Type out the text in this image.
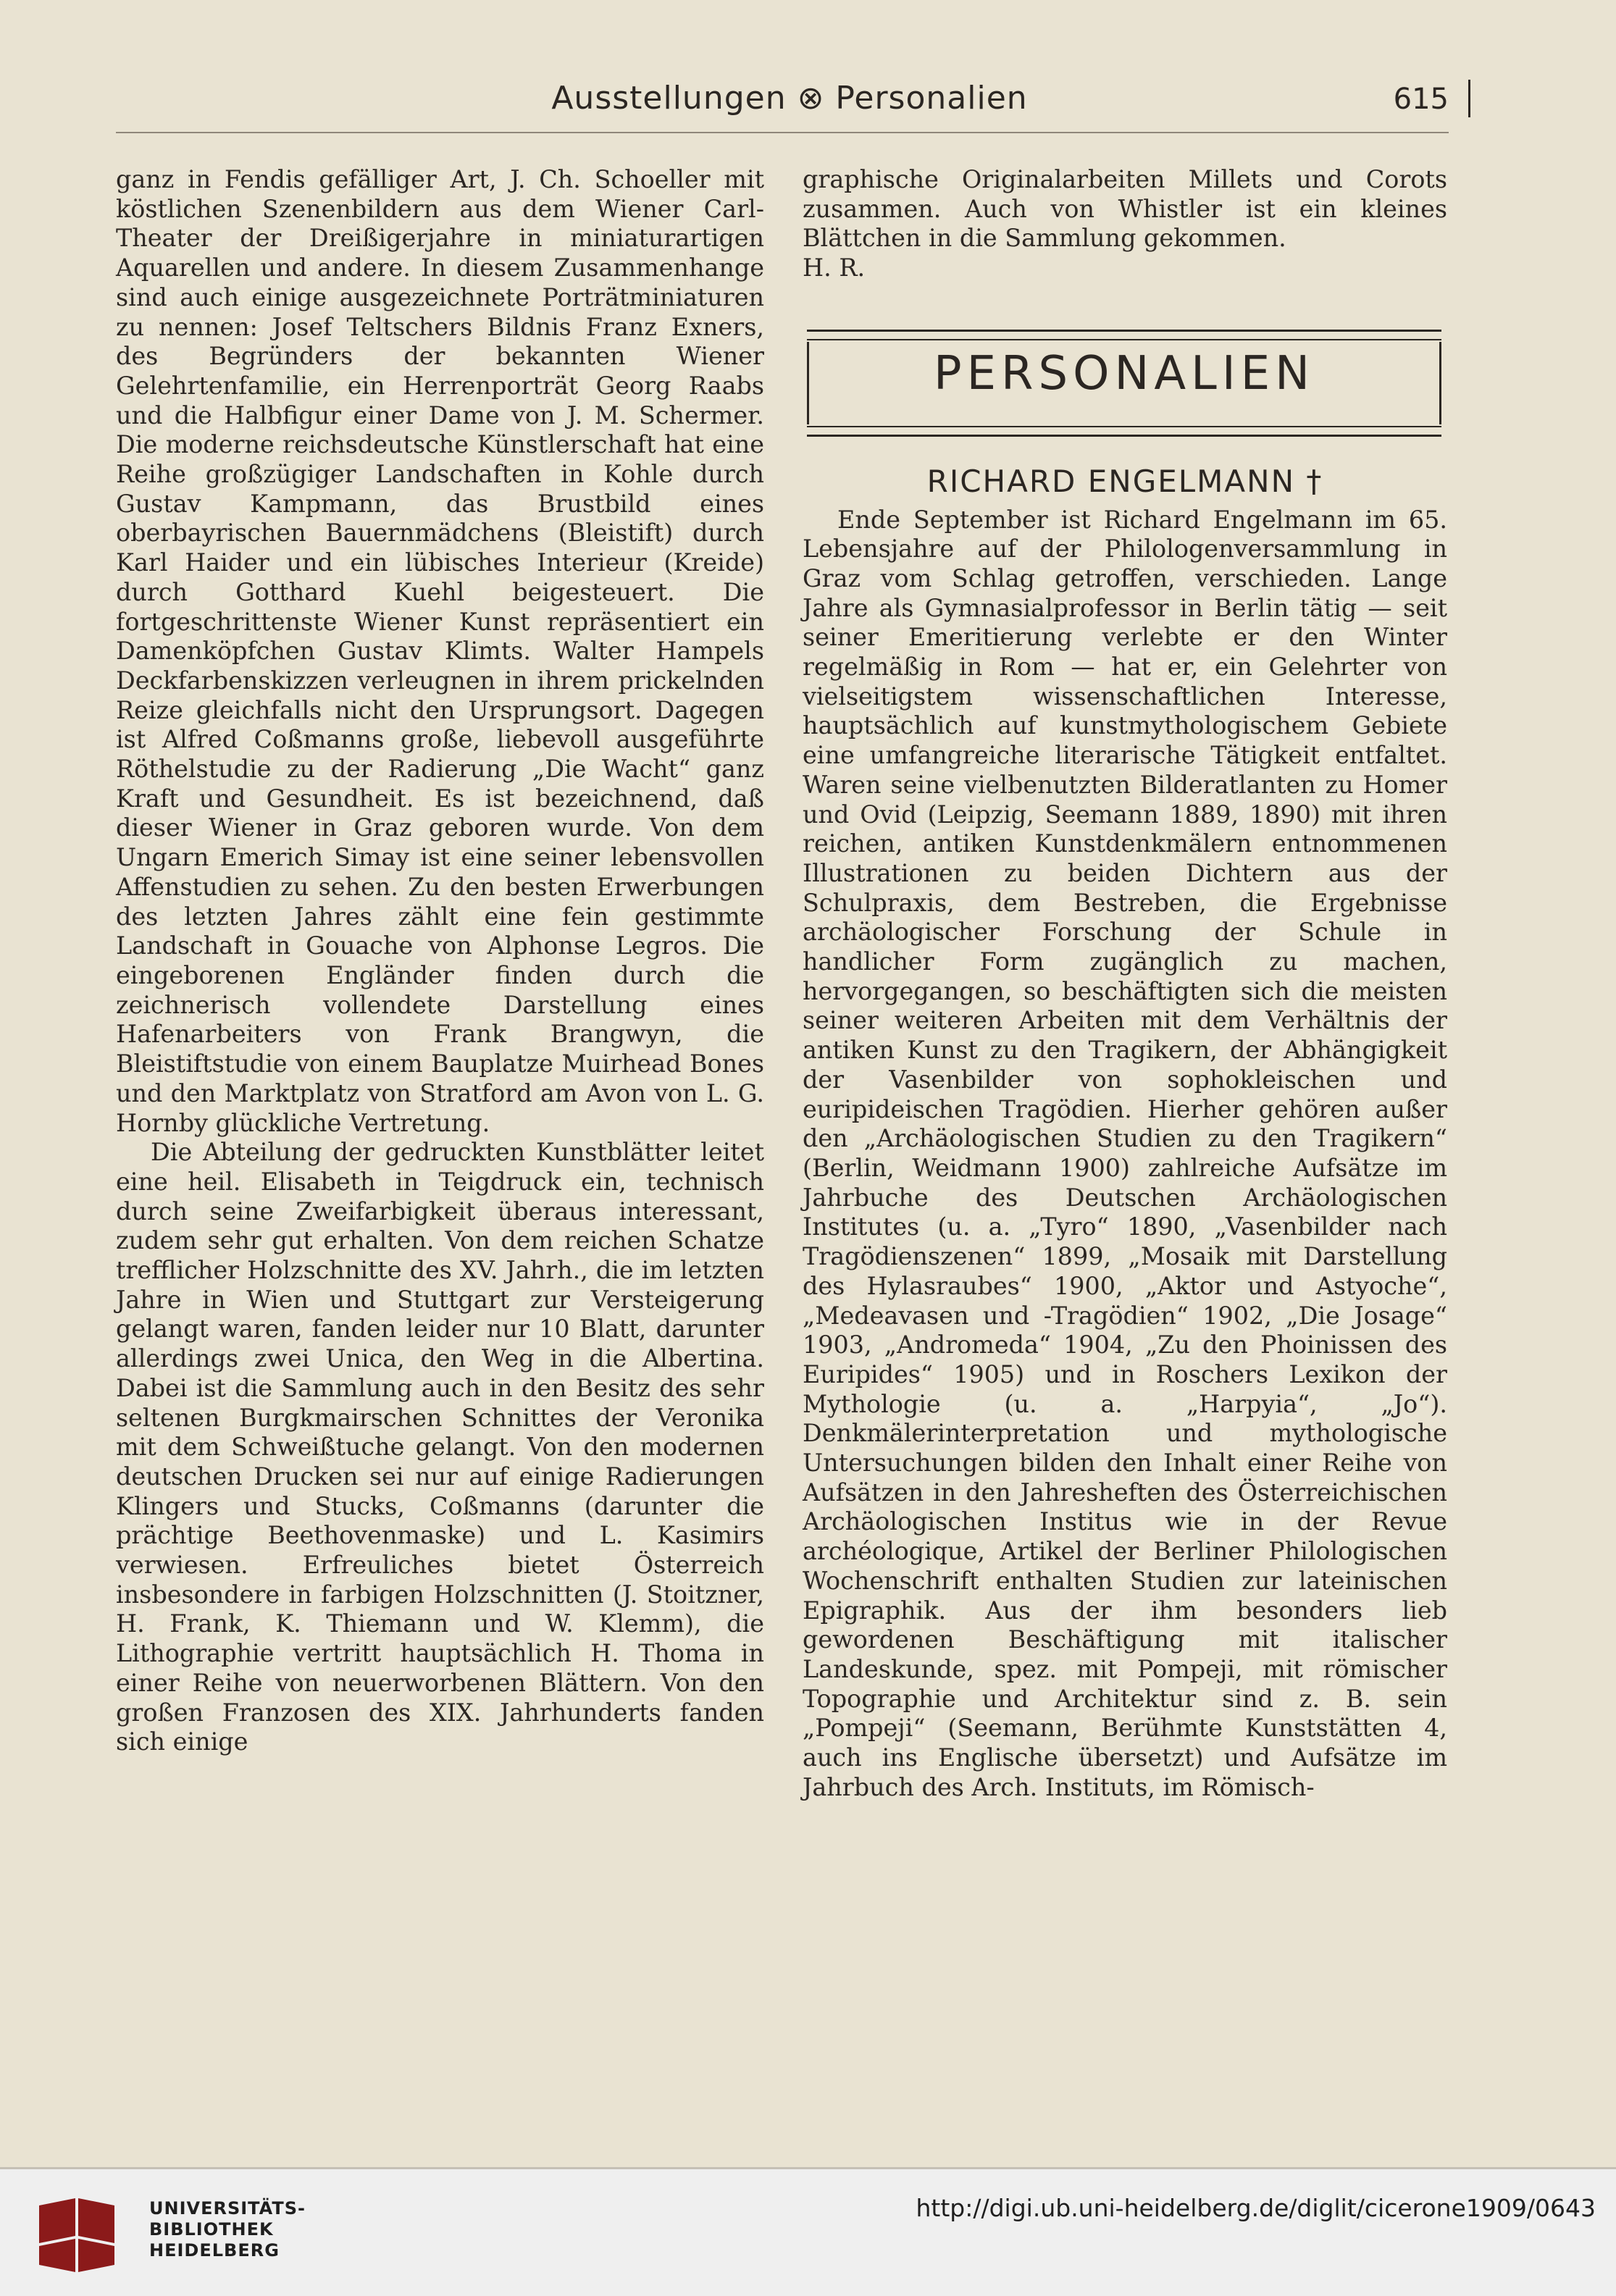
Ausstellungen ⊗ Personalien	615

ganz in Fendis gefälliger Art, J. Ch. Schoeller mit köstlichen Szenenbildern aus dem Wiener Carl-Theater der Dreißigerjahre in miniaturartigen Aquarellen und andere. In diesem Zusammenhange sind auch einige ausgezeichnete Porträtminiaturen zu nennen: Josef Teltschers Bildnis Franz Exners, des Begründers der bekannten Wiener Gelehrtenfamilie, ein Herrenporträt Georg Raabs und die Halbfigur einer Dame von J. M. Schermer. Die moderne reichsdeutsche Künstlerschaft hat eine Reihe großzügiger Landschaften in Kohle durch Gustav Kampmann, das Brustbild eines oberbayrischen Bauernmädchens (Bleistift) durch Karl Haider und ein lübisches Interieur (Kreide) durch Gotthard Kuehl beigesteuert. Die fortgeschrittenste Wiener Kunst repräsentiert ein Damenköpfchen Gustav Klimts. Walter Hampels Deckfarbenskizzen verleugnen in ihrem prickelnden Reize gleichfalls nicht den Ursprungsort. Dagegen ist Alfred Coßmanns große, liebevoll ausgeführte Röthelstudie zu der Radierung „Die Wacht“ ganz Kraft und Gesundheit. Es ist bezeichnend, daß dieser Wiener in Graz geboren wurde. Von dem Ungarn Emerich Simay ist eine seiner lebensvollen Affenstudien zu sehen. Zu den besten Erwerbungen des letzten Jahres zählt eine fein gestimmte Landschaft in Gouache von Alphonse Legros. Die eingeborenen Engländer finden durch die zeichnerisch vollendete Darstellung eines Hafenarbeiters von Frank Brangwyn, die Bleistiftstudie von einem Bauplatze Muirhead Bones und den Marktplatz von Stratford am Avon von L. G. Hornby glückliche Vertretung.

Die Abteilung der gedruckten Kunstblätter leitet eine heil. Elisabeth in Teigdruck ein, technisch durch seine Zweifarbigkeit überaus interessant, zudem sehr gut erhalten. Von dem reichen Schatze trefflicher Holzschnitte des XV. Jahrh., die im letzten Jahre in Wien und Stuttgart zur Versteigerung gelangt waren, fanden leider nur 10 Blatt, darunter allerdings zwei Unica, den Weg in die Albertina. Dabei ist die Sammlung auch in den Besitz des sehr seltenen Burgkmairschen Schnittes der Veronika mit dem Schweißtuche gelangt. Von den modernen deutschen Drucken sei nur auf einige Radierungen Klingers und Stucks, Coßmanns (darunter die prächtige Beethovenmaske) und L. Kasimirs verwiesen. Erfreuliches bietet Österreich insbesondere in farbigen Holzschnitten (J. Stoitzner, H. Frank, K. Thiemann und W. Klemm), die Lithographie vertritt hauptsächlich H. Thoma in einer Reihe von neuerworbenen Blättern. Von den großen Franzosen des XIX. Jahrhunderts fanden sich einige

graphische Originalarbeiten Millets und Corots zusammen. Auch von Whistler ist ein kleines Blättchen in die Sammlung gekommen.

H. R.

PERSONALIEN
RICHARD ENGELMANN †

Ende September ist Richard Engelmann im 65. Lebensjahre auf der Philologenversammlung in Graz vom Schlag getroffen, verschieden. Lange Jahre als Gymnasialprofessor in Berlin tätig — seit seiner Emeritierung verlebte er den Winter regelmäßig in Rom — hat er, ein Gelehrter von vielseitigstem wissenschaftlichen Interesse, hauptsächlich auf kunstmythologischem Gebiete eine umfangreiche literarische Tätigkeit entfaltet. Waren seine vielbenutzten Bilderatlanten zu Homer und Ovid (Leipzig, Seemann 1889, 1890) mit ihren reichen, antiken Kunstdenkmälern entnommenen Illustrationen zu beiden Dichtern aus der Schulpraxis, dem Bestreben, die Ergebnisse archäologischer Forschung der Schule in handlicher Form zugänglich zu machen, hervorgegangen, so beschäftigten sich die meisten seiner weiteren Arbeiten mit dem Verhältnis der antiken Kunst zu den Tragikern, der Abhängigkeit der Vasenbilder von sophokleischen und euripideischen Tragödien. Hierher gehören außer den „Archäologischen Studien zu den Tragikern“ (Berlin, Weidmann 1900) zahlreiche Aufsätze im Jahrbuche des Deutschen Archäologischen Institutes (u. a. „Tyro“ 1890, „Vasenbilder nach Tragödienszenen“ 1899, „Mosaik mit Darstellung des Hylasraubes“ 1900, „Aktor und Astyoche“, „Medeavasen und -Tragödien“ 1902, „Die Josage“ 1903, „Andromeda“ 1904, „Zu den Phoinissen des Euripides“ 1905) und in Roschers Lexikon der Mythologie (u. a. „Harpyia“, „Jo“). Denkmälerinterpretation und mythologische Untersuchungen bilden den Inhalt einer Reihe von Aufsätzen in den Jahresheften des Österreichischen Archäologischen Institus wie in der Revue archéologique, Artikel der Berliner Philologischen Wochenschrift enthalten Studien zur lateinischen Epigraphik. Aus der ihm besonders lieb gewordenen Beschäftigung mit italischer Landeskunde, spez. mit Pompeji, mit römischer Topographie und Architektur sind z. B. sein „Pompeji“ (Seemann, Berühmte Kunststätten 4, auch ins Englische übersetzt) und Aufsätze im Jahrbuch des Arch. Instituts, im Römisch-

UNIVERSITÄTS-
BIBLIOTHEK
HEIDELBERG
http://digi.ub.uni-heidelberg.de/diglit/cicerone1909/0643
